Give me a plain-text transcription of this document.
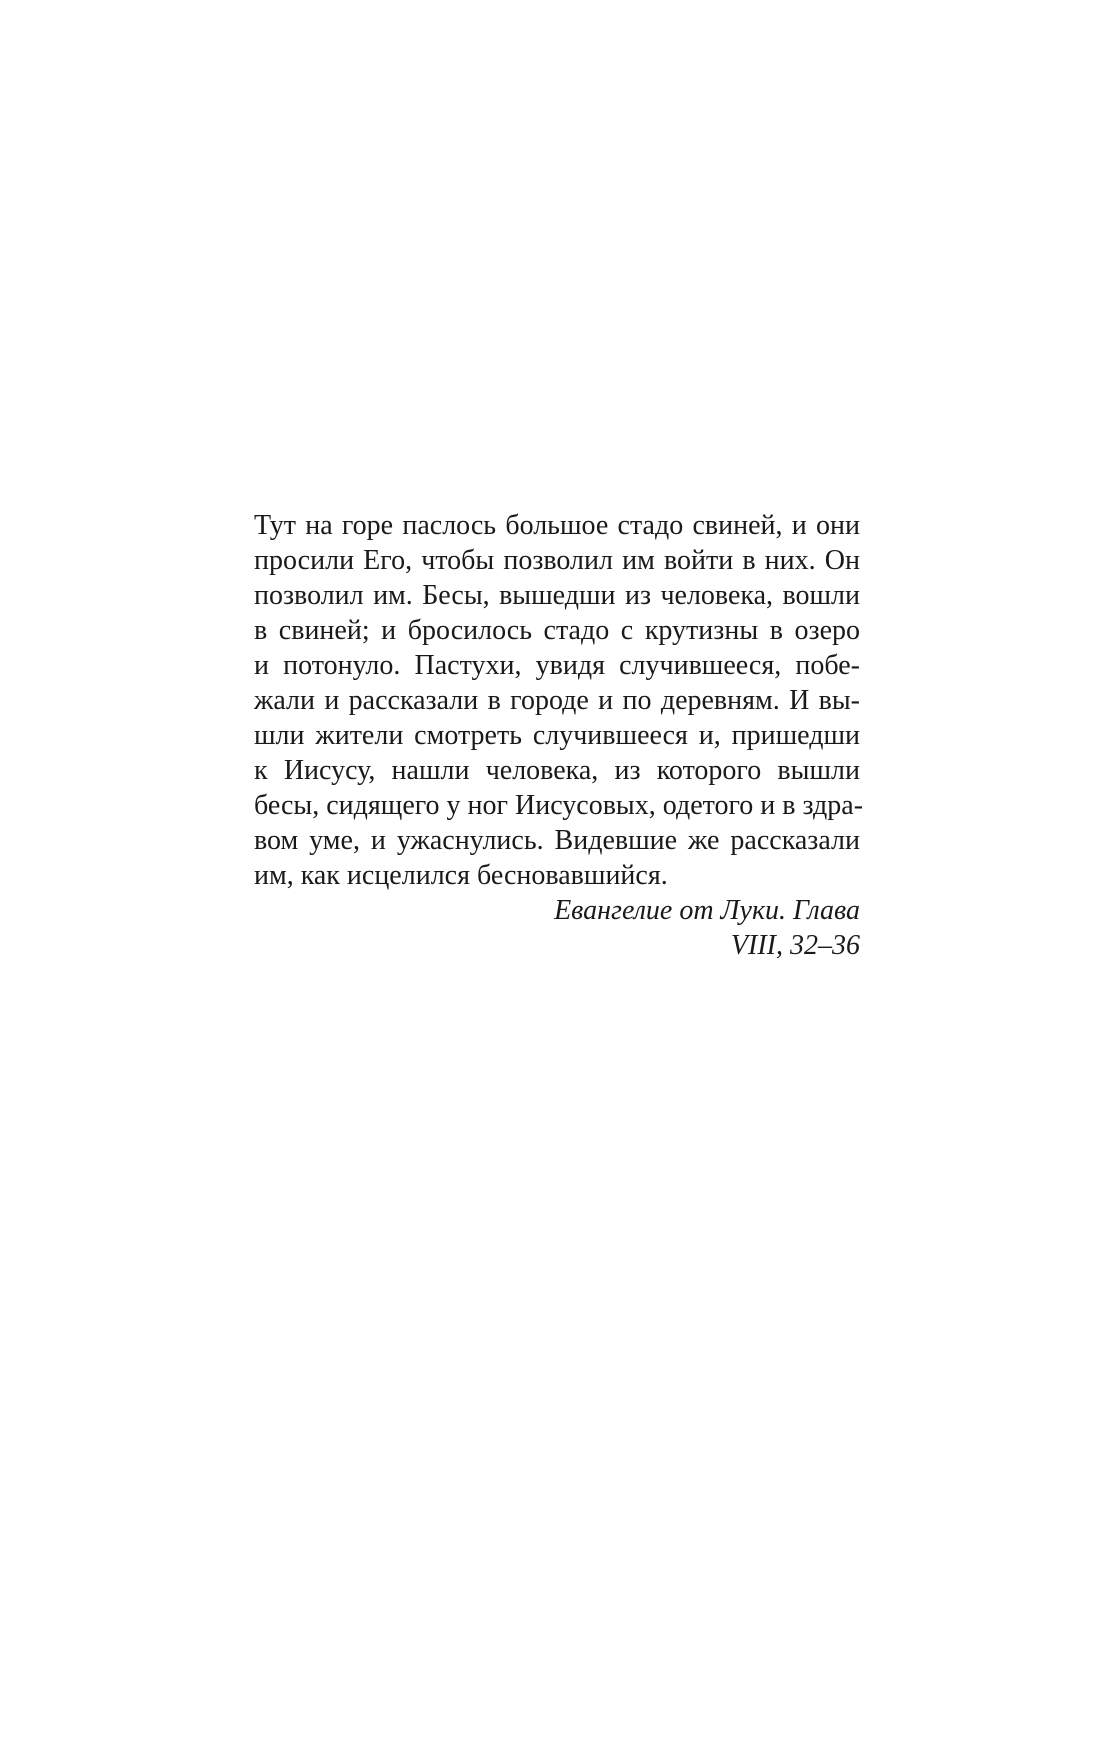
Тут на горе паслось большое стадо свиней, и они
просили Его, чтобы позволил им войти в них. Он
позволил им. Бесы, вышедши из человека, вошли
в свиней; и бросилось стадо с крутизны в озеро
и потонуло. Пастухи, увидя случившееся, побе-
жали и рассказали в городе и по деревням. И вы-
шли жители смотреть случившееся и, пришедши
к Иисусу, нашли человека, из которого вышли
бесы, сидящего у ног Иисусовых, одетого и в здра-
вом уме, и ужаснулись. Видевшие же рассказали
им, как исцелился бесновавшийся.
Евангелие от Луки. Глава
VIII, 32–36
